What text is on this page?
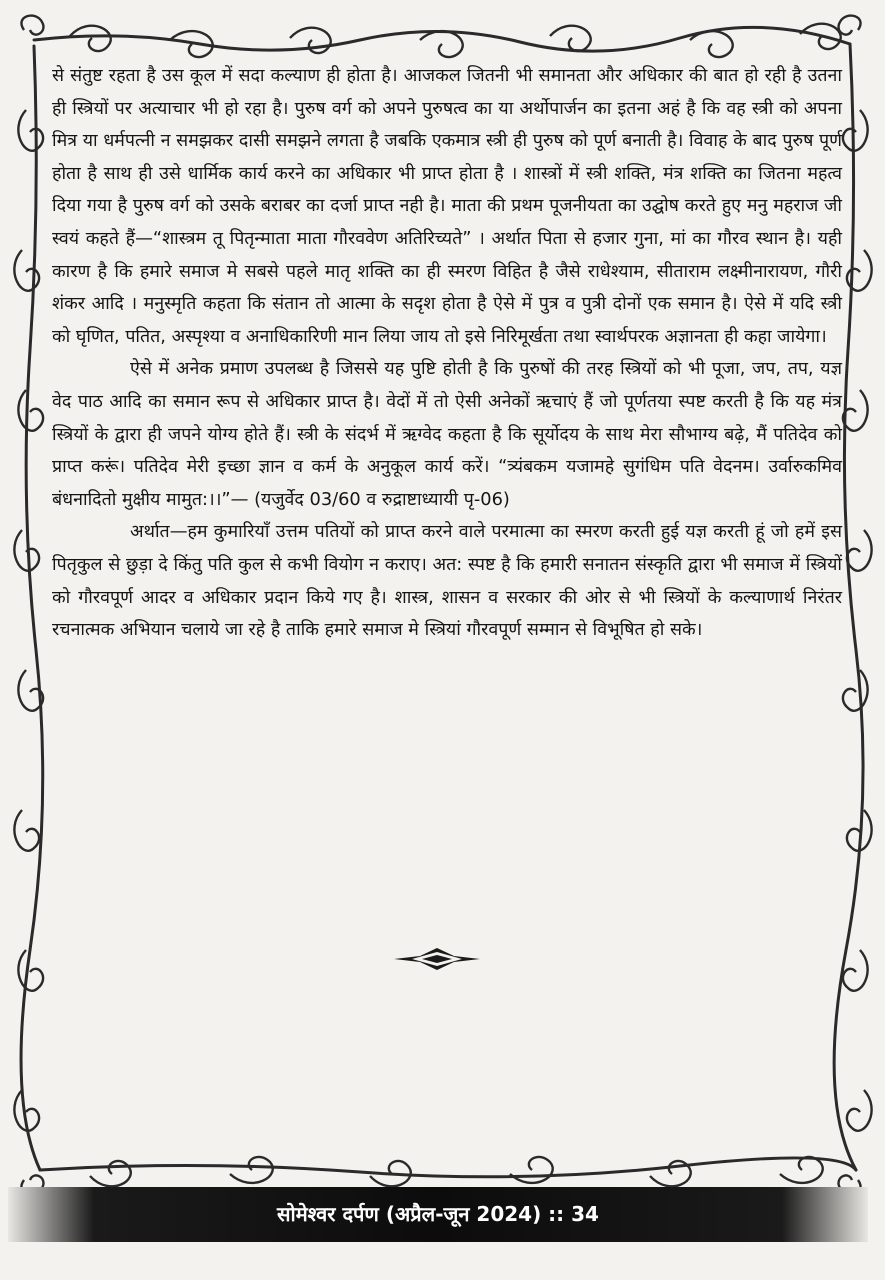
से संतुष्ट रहता है उस कूल में सदा कल्याण ही होता है। आजकल जितनी भी समानता और अधिकार की बात हो रही है उतना ही स्त्रियों पर अत्याचार भी हो रहा है। पुरुष वर्ग को अपने पुरुषत्व का या अर्थोपार्जन का इतना अहं है कि वह स्त्री को अपना मित्र या धर्मपत्नी न समझकर दासी समझने लगता है जबकि एकमात्र स्त्री ही पुरुष को पूर्ण बनाती है। विवाह के बाद पुरुष पूर्ण होता है साथ ही उसे धार्मिक कार्य करने का अधिकार भी प्राप्त होता है । शास्त्रों में स्त्री शक्ति, मंत्र शक्ति का जितना महत्व दिया गया है पुरुष वर्ग को उसके बराबर का दर्जा प्राप्त नही है। माता की प्रथम पूजनीयता का उद्घोष करते हुए मनु महराज जी स्वयं कहते हैं—“शास्त्रम तू पितृन्माता माता गौरववेण अतिरिच्यते” । अर्थात पिता से हजार गुना, मां का गौरव स्थान है। यही कारण है कि हमारे समाज मे सबसे पहले मातृ शक्ति का ही स्मरण विहित है जैसे राधेश्याम, सीताराम लक्ष्मीनारायण, गौरी शंकर आदि । मनुस्मृति कहता कि संतान तो आत्मा के सदृश होता है ऐसे में पुत्र व पुत्री दोनों एक समान है। ऐसे में यदि स्त्री को घृणित, पतित, अस्पृश्या व अनाधिकारिणी मान लिया जाय तो इसे निरिमूर्खता तथा स्वार्थपरक अज्ञानता ही कहा जायेगा।

ऐसे में अनेक प्रमाण उपलब्ध है जिससे यह पुष्टि होती है कि पुरुषों की तरह स्त्रियों को भी पूजा, जप, तप, यज्ञ वेद पाठ आदि का समान रूप से अधिकार प्राप्त है। वेदों में तो ऐसी अनेकों ऋचाएं हैं जो पूर्णतया स्पष्ट करती है कि यह मंत्र स्त्रियों के द्वारा ही जपने योग्य होते हैं। स्त्री के संदर्भ में ऋग्वेद कहता है कि सूर्योदय के साथ मेरा सौभाग्य बढ़े, मैं पतिदेव को प्राप्त करूं। पतिदेव मेरी इच्छा ज्ञान व कर्म के अनुकूल कार्य करें। “त्र्यंबकम यजामहे सुगंधिम पति वेदनम। उर्वारुकमिव बंधनादितो मुक्षीय मामुत:।।”— (यजुर्वेद 03/60 व रुद्राष्टाध्यायी पृ-06)

अर्थात—हम कुमारियाँ उत्तम पतियों को प्राप्त करने वाले परमात्मा का स्मरण करती हुई यज्ञ करती हूं जो हमें इस पितृकुल से छुड़ा दे किंतु पति कुल से कभी वियोग न कराए। अत: स्पष्ट है कि हमारी सनातन संस्कृति द्वारा भी समाज में स्त्रियों को गौरवपूर्ण आदर व अधिकार प्रदान किये गए है। शास्त्र, शासन व सरकार की ओर से भी स्त्रियों के कल्याणार्थ निरंतर रचनात्मक अभियान चलाये जा रहे है ताकि हमारे समाज मे स्त्रियां गौरवपूर्ण सम्मान से विभूषित हो सके।

सोमेश्वर दर्पण (अप्रैल-जून 2024) :: 34
